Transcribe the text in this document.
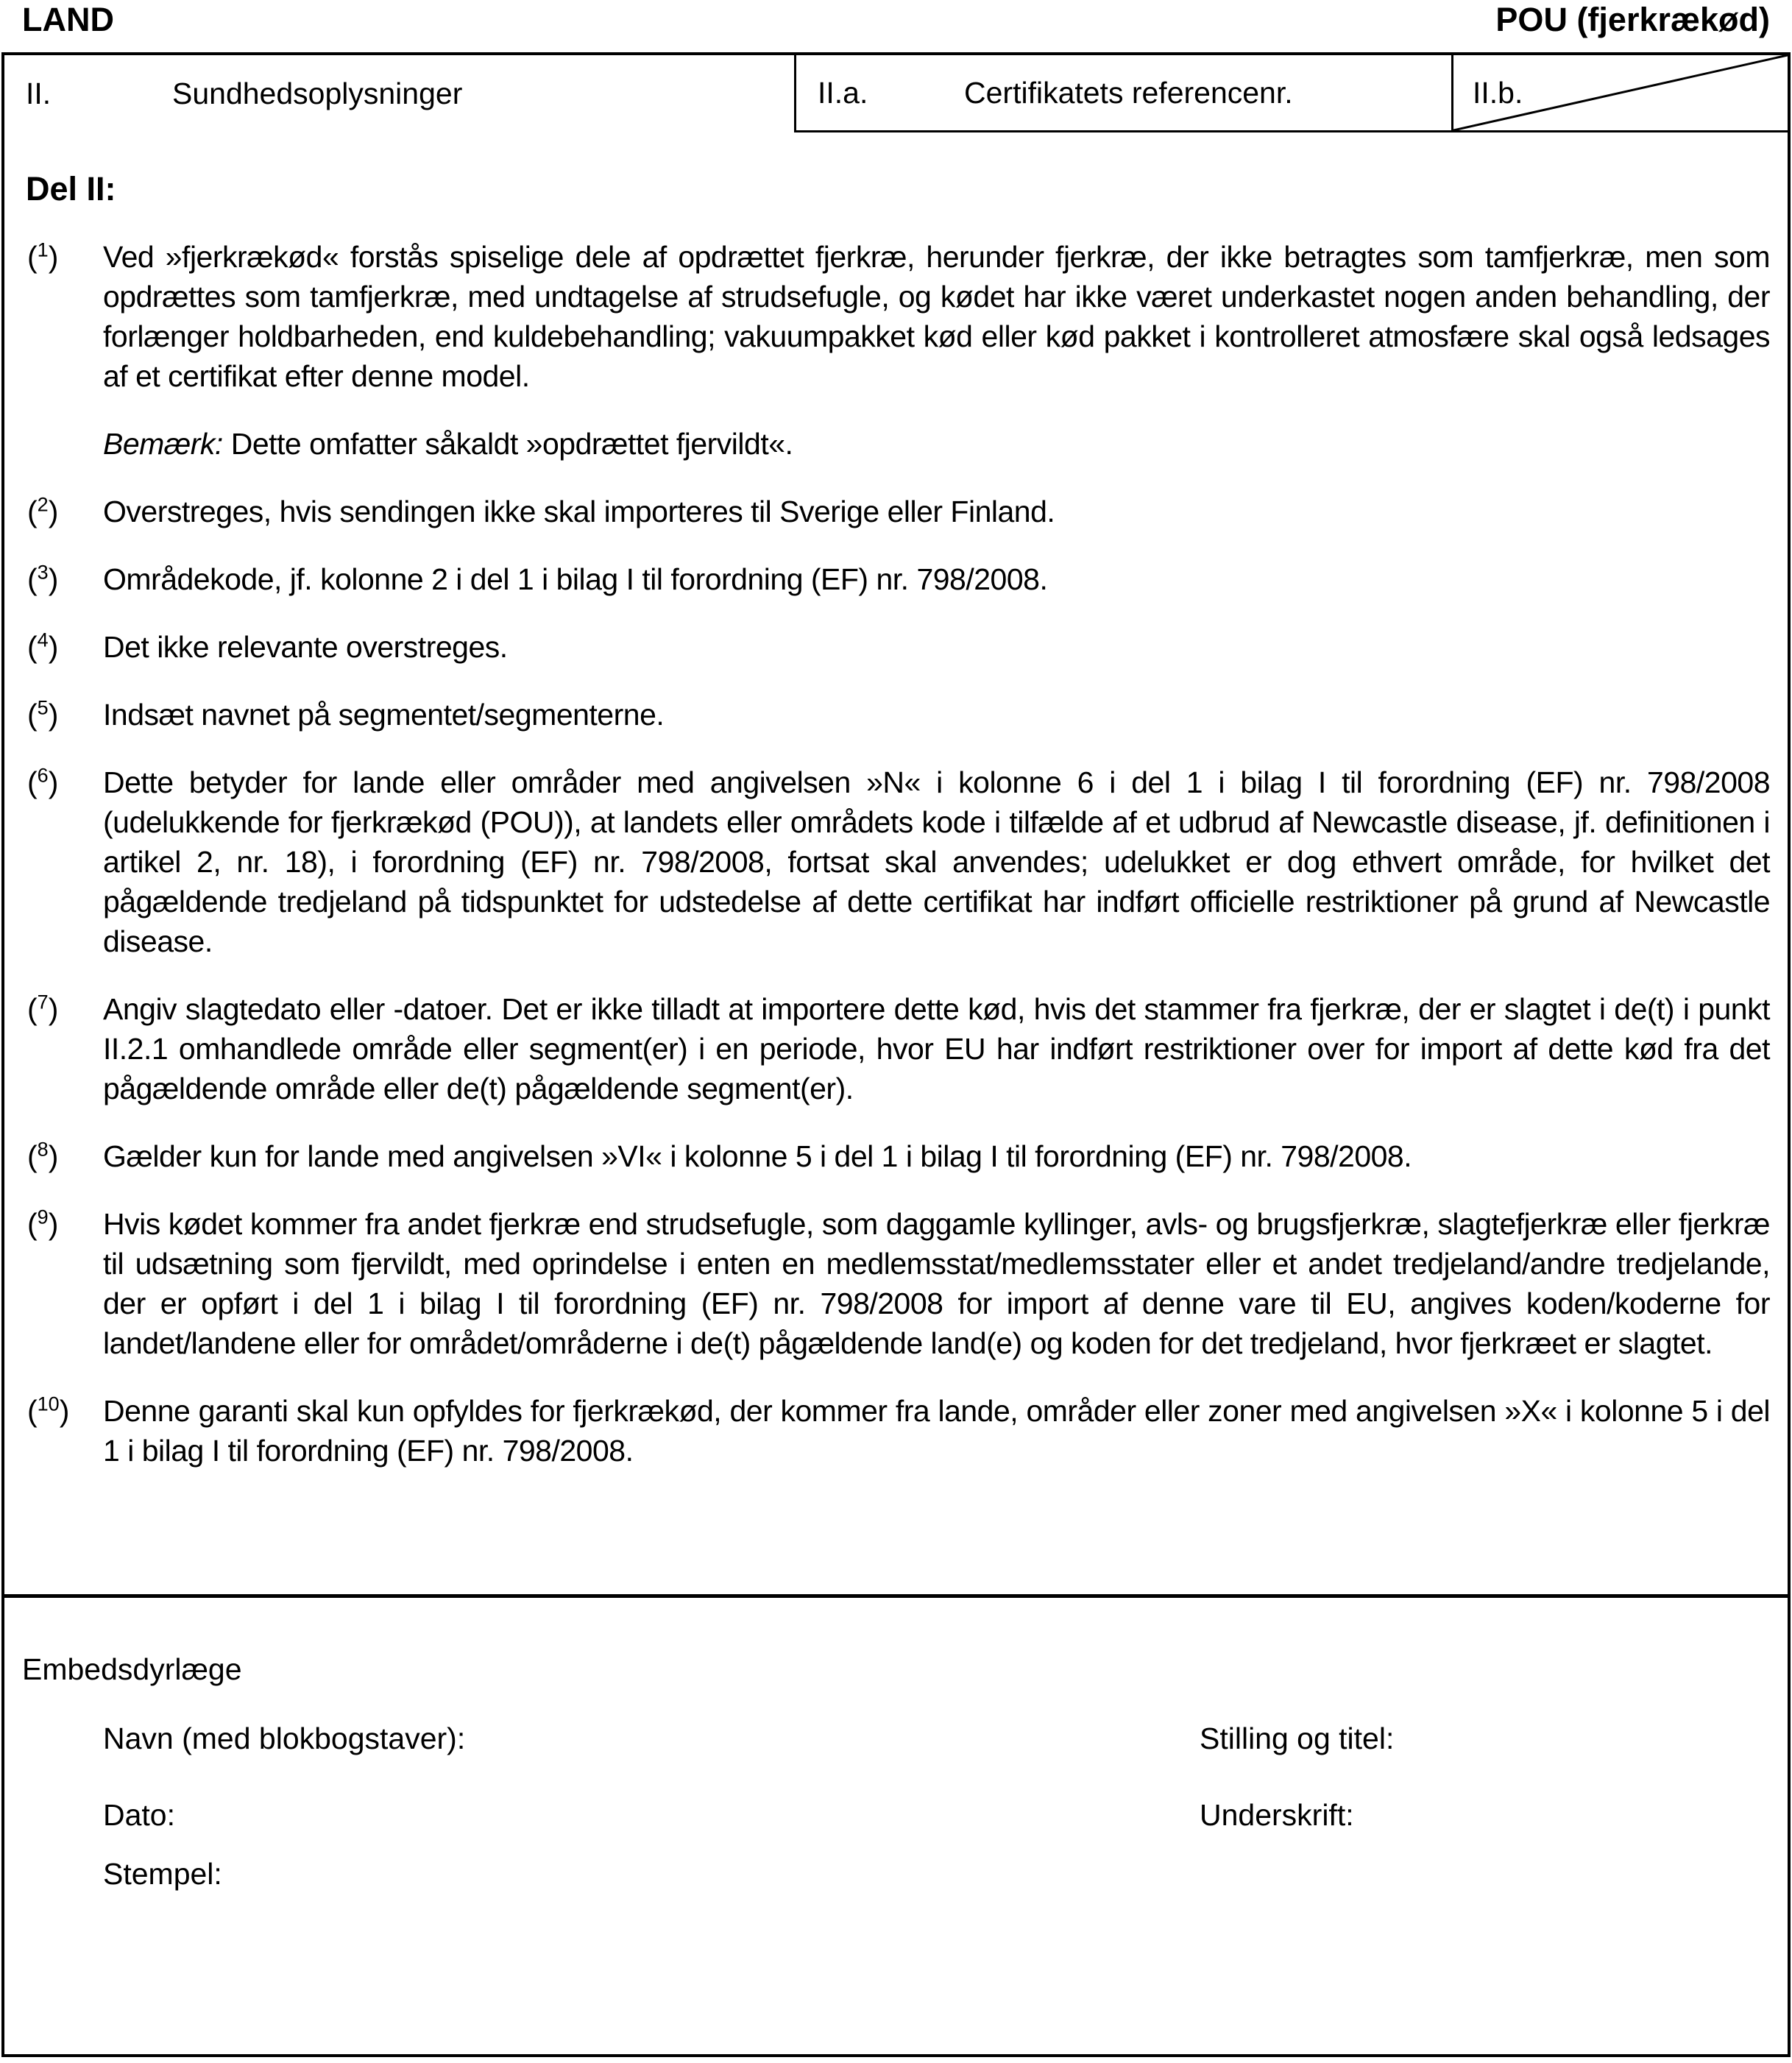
LAND	POU (fjerkrækød)
II.	Sundhedsoplysninger	II.a.	Certifikatets referencenr.	II.b.
Del II:
($^1$) Ved »fjerkrækød« forstås spiselige dele af opdrættet fjerkræ, herunder fjerkræ, der ikke betragtes som tamfjerkræ, men som opdrættes som tamfjerkræ, med undtagelse af strudsefugle, og kødet har ikke været underkastet nogen anden behandling, der forlænger holdbarheden, end kuldebehandling; vakuumpakket kød eller kød pakket i kontrolleret atmosfære skal også ledsages af et certifikat efter denne model.
Bemærk: Dette omfatter såkaldt »opdrættet fjervildt«.
($^2$) Overstreges, hvis sendingen ikke skal importeres til Sverige eller Finland.
($^3$) Områdekode, jf. kolonne 2 i del 1 i bilag I til forordning (EF) nr. 798/2008.
($^4$) Det ikke relevante overstreges.
($^5$) Indsæt navnet på segmentet/segmenterne.
($^6$) Dette betyder for lande eller områder med angivelsen »N« i kolonne 6 i del 1 i bilag I til forordning (EF) nr. 798/2008 (udelukkende for fjerkrækød (POU)), at landets eller områdets kode i tilfælde af et udbrud af Newcastle disease, jf. definitionen i artikel 2, nr. 18), i forordning (EF) nr. 798/2008, fortsat skal anvendes; udelukket er dog ethvert område, for hvilket det pågældende tredjeland på tidspunktet for udstedelse af dette certifikat har indført officielle restriktioner på grund af Newcastle disease.
($^7$) Angiv slagtedato eller -datoer. Det er ikke tilladt at importere dette kød, hvis det stammer fra fjerkræ, der er slagtet i de(t) i punkt II.2.1 omhandlede område eller segment(er) i en periode, hvor EU har indført restriktioner over for import af dette kød fra det pågældende område eller de(t) pågældende segment(er).
($^8$) Gælder kun for lande med angivelsen »VI« i kolonne 5 i del 1 i bilag I til forordning (EF) nr. 798/2008.
($^9$) Hvis kødet kommer fra andet fjerkræ end strudsefugle, som daggamle kyllinger, avls- og brugsfjerkræ, slagtefjerkræ eller fjerkræ til udsætning som fjervildt, med oprindelse i enten en medlemsstat/medlemsstater eller et andet tredjeland/andre tredjelande, der er opført i del 1 i bilag I til forordning (EF) nr. 798/2008 for import af denne vare til EU, angives koden/koderne for landet/landene eller for området/områderne i de(t) pågældende land(e) og koden for det tredjeland, hvor fjerkræet er slagtet.
($^{10}$) Denne garanti skal kun opfyldes for fjerkrækød, der kommer fra lande, områder eller zoner med angivelsen »X« i kolonne 5 i del 1 i bilag I til forordning (EF) nr. 798/2008.
Embedsdyrlæge
Navn (med blokbogstaver):	Stilling og titel:
Dato:	Underskrift:
Stempel:
